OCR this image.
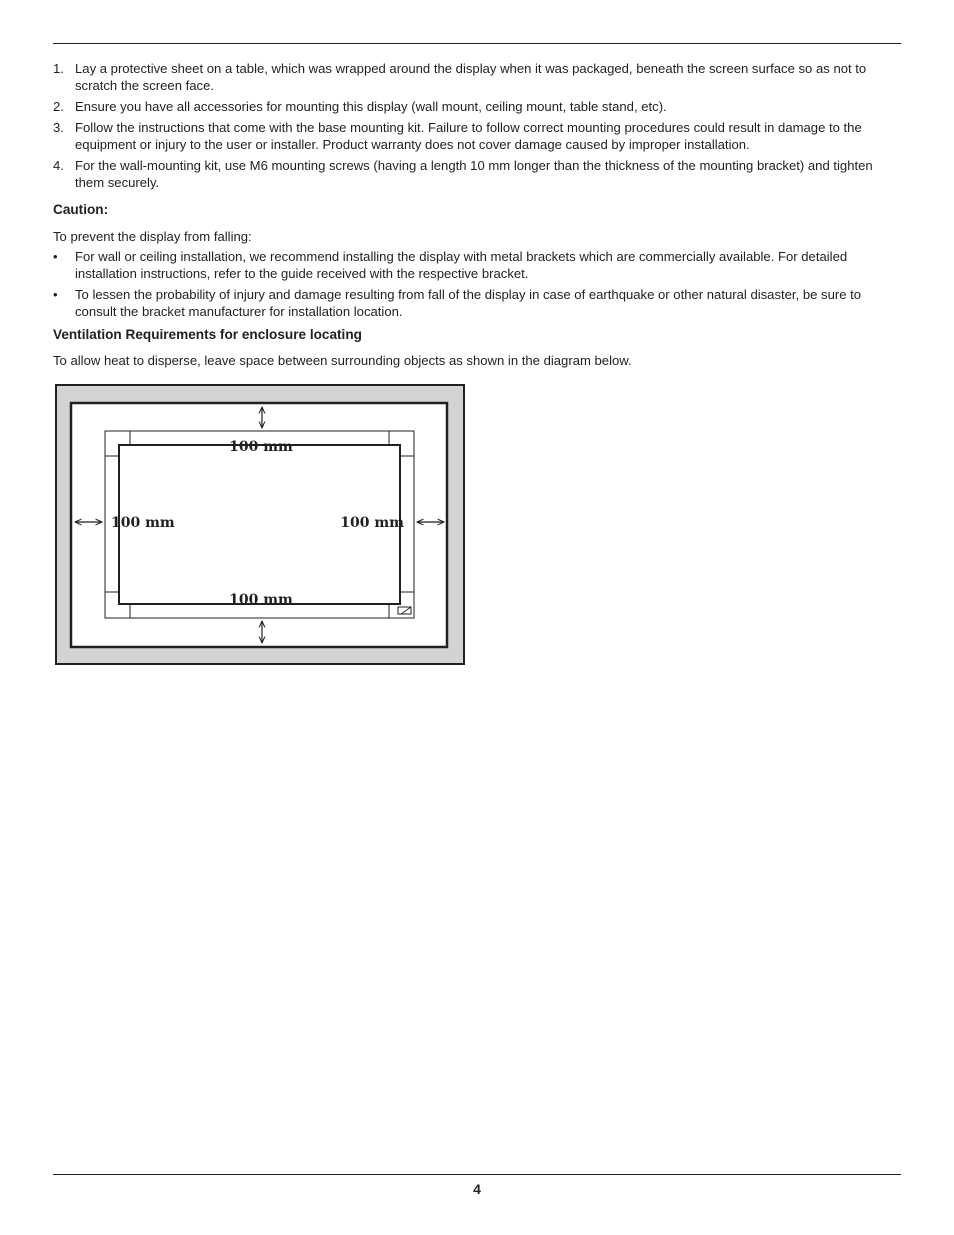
1. Lay a protective sheet on a table, which was wrapped around the display when it was packaged, beneath the screen surface so as not to scratch the screen face.
2. Ensure you have all accessories for mounting this display (wall mount, ceiling mount, table stand, etc).
3. Follow the instructions that come with the base mounting kit. Failure to follow correct mounting procedures could result in damage to the equipment or injury to the user or installer. Product warranty does not cover damage caused by improper installation.
4. For the wall-mounting kit, use M6 mounting screws (having a length 10 mm longer than the thickness of the mounting bracket) and tighten them securely.
Caution:

To prevent the display from falling:

• For wall or ceiling installation, we recommend installing the display with metal brackets which are commercially available. For detailed installation instructions, refer to the guide received with the respective bracket.
• To lessen the probability of injury and damage resulting from fall of the display in case of earthquake or other natural disaster, be sure to consult the bracket manufacturer for installation location.
Ventilation Requirements for enclosure locating

To allow heat to disperse, leave space between surrounding objects as shown in the diagram below.

100 mm
100 mm
100 mm	100 mm
4
